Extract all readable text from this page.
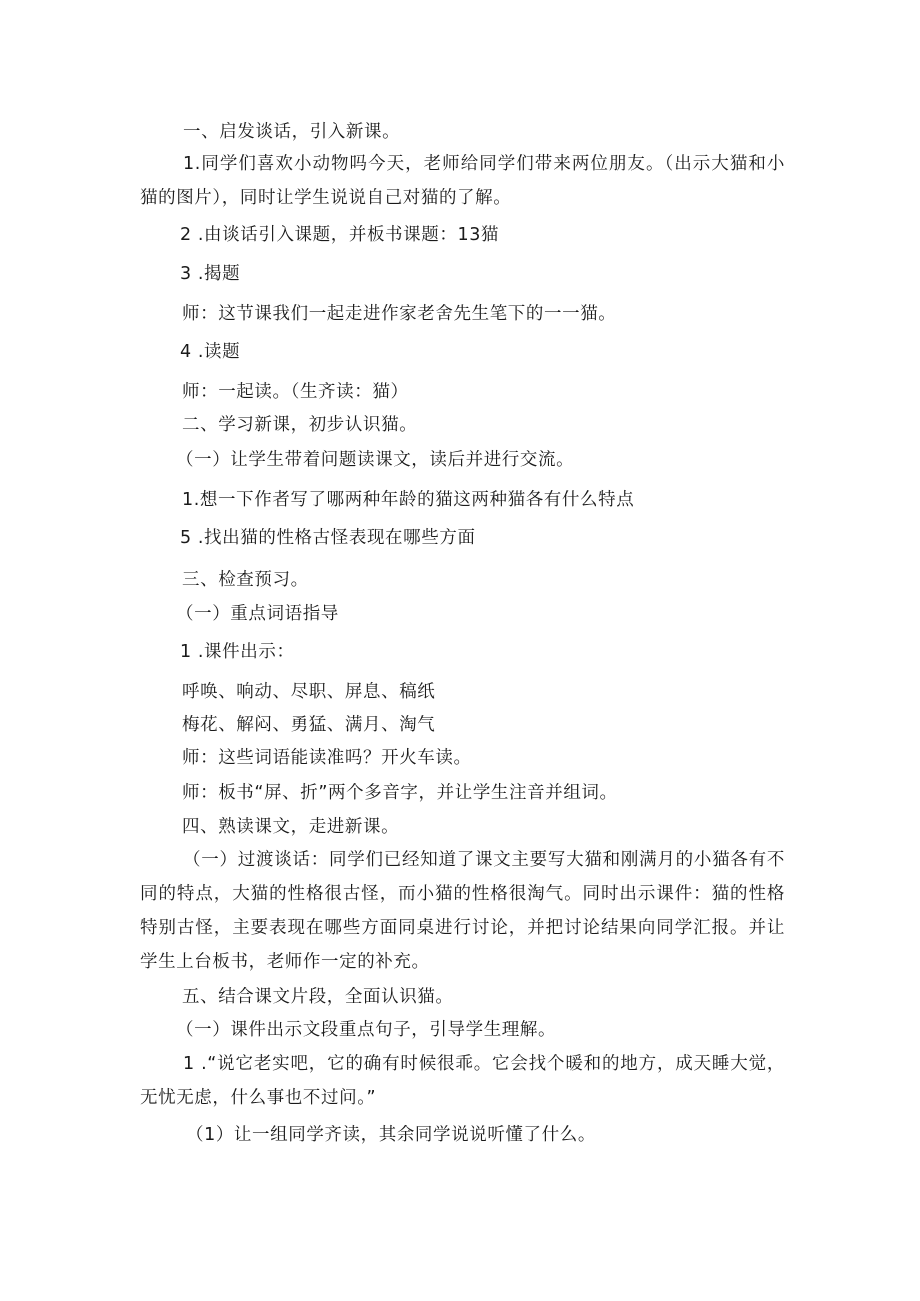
一、启发谈话，引入新课。
1.同学们喜欢小动物吗今天，老师给同学们带来两位朋友。（出示大猫和小猫的图片），同时让学生说说自己对猫的了解。
2 .由谈话引入课题，并板书课题：13猫
3 .揭题
师：这节课我们一起走进作家老舍先生笔下的一一猫。
4 .读题
师：一起读。（生齐读：猫）
二、学习新课，初步认识猫。
（一）让学生带着问题读课文，读后并进行交流。
1.想一下作者写了哪两种年龄的猫这两种猫各有什么特点
5 .找出猫的性格古怪表现在哪些方面
三、检查预习。
（一）重点词语指导
1 .课件出示：
呼唤、响动、尽职、屏息、稿纸
梅花、解闷、勇猛、满月、淘气
师：这些词语能读准吗？开火车读。
师：板书“屏、折”两个多音字，并让学生注音并组词。
四、熟读课文，走进新课。
（一）过渡谈话：同学们已经知道了课文主要写大猫和刚满月的小猫各有不同的特点，大猫的性格很古怪，而小猫的性格很淘气。同时出示课件：猫的性格特别古怪，主要表现在哪些方面同桌进行讨论，并把讨论结果向同学汇报。并让学生上台板书，老师作一定的补充。
五、结合课文片段，全面认识猫。
（一）课件出示文段重点句子，引导学生理解。
1 .“说它老实吧，它的确有时候很乖。它会找个暖和的地方，成天睡大觉，无忧无虑，什么事也不过问。”
（1）让一组同学齐读，其余同学说说听懂了什么。
